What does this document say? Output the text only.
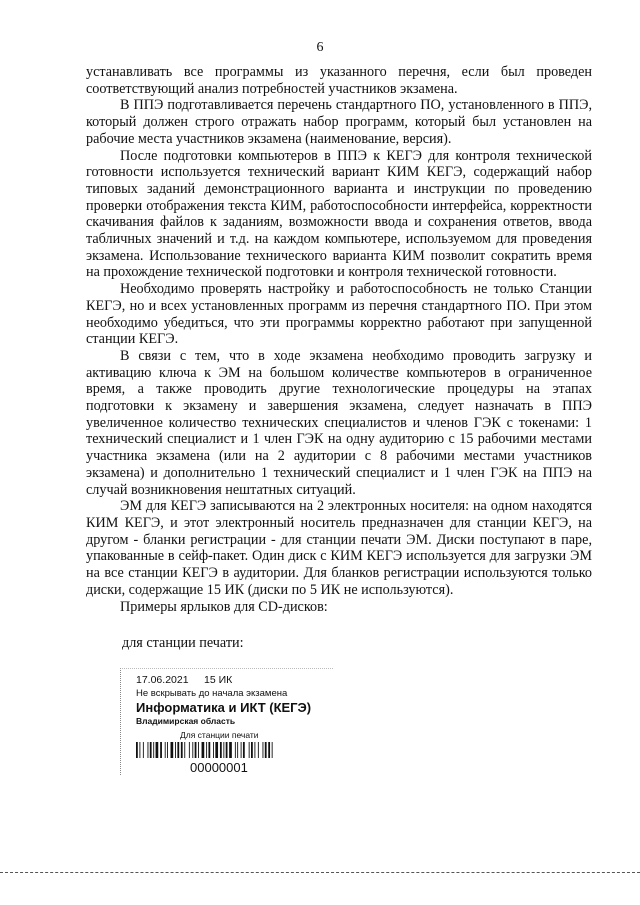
6

устанавливать все программы из указанного перечня, если был проведен соответствующий анализ потребностей участников экзамена.

В ППЭ подготавливается перечень стандартного ПО, установленного в ППЭ, который должен строго отражать набор программ, который был установлен на рабочие места участников экзамена (наименование, версия).

После подготовки компьютеров в ППЭ к КЕГЭ для контроля технической готовности используется технический вариант КИМ КЕГЭ, содержащий набор типовых заданий демонстрационного варианта и инструкции по проведению проверки отображения текста КИМ, работоспособности интерфейса, корректности скачивания файлов к заданиям, возможности ввода и сохранения ответов, ввода табличных значений и т.д. на каждом компьютере, используемом для проведения экзамена. Использование технического варианта КИМ позволит сократить время на прохождение технической подготовки и контроля технической готовности.

Необходимо проверять настройку и работоспособность не только Станции КЕГЭ, но и всех установленных программ из перечня стандартного ПО. При этом необходимо убедиться, что эти программы корректно работают при запущенной станции КЕГЭ.

В связи с тем, что в ходе экзамена необходимо проводить загрузку и активацию ключа к ЭМ на большом количестве компьютеров в ограниченное время, а также проводить другие технологические процедуры на этапах подготовки к экзамену и завершения экзамена, следует назначать в ППЭ увеличенное количество технических специалистов и членов ГЭК с токенами: 1 технический специалист и 1 член ГЭК на одну аудиторию с 15 рабочими местами участника экзамена (или на 2 аудитории с 8 рабочими местами участников экзамена) и дополнительно 1 технический специалист и 1 член ГЭК на ППЭ на случай возникновения нештатных ситуаций.

ЭМ для КЕГЭ записываются на 2 электронных носителя: на одном находятся КИМ КЕГЭ, и этот электронный носитель предназначен для станции КЕГЭ, на другом - бланки регистрации - для станции печати ЭМ. Диски поступают в паре, упакованные в сейф-пакет. Один диск с КИМ КЕГЭ используется для загрузки ЭМ на все станции КЕГЭ в аудитории. Для бланков регистрации используются только диски, содержащие 15 ИК (диски по 5 ИК не используются).

Примеры ярлыков для CD-дисков:

для станции печати:

17.06.2021 15 ИК
Не вскрывать до начала экзамена
Информатика и ИКТ (КЕГЭ)
Владимирская область
Для станции печати
00000001
